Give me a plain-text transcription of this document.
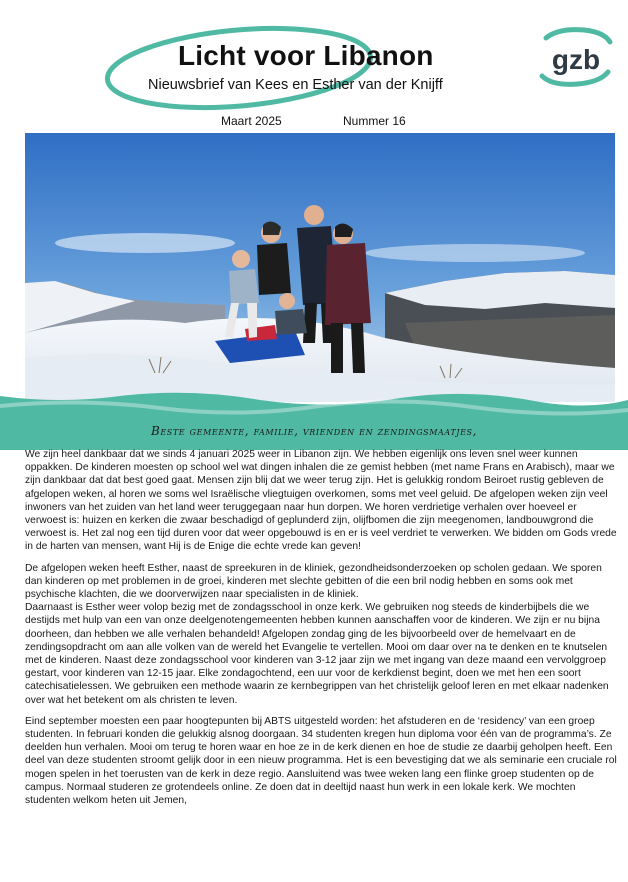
Licht voor Libanon
Nieuwsbrief van Kees en Esther van der Knijff
gzb
Maart 2025	Nummer 16
Beste gemeente, familie, vrienden en zendingsmaatjes,

We zijn heel dankbaar dat we sinds 4 januari 2025 weer in Libanon zijn. We hebben eigenlijk ons leven snel weer kunnen oppakken. De kinderen moesten op school wel wat dingen inhalen die ze gemist hebben (met name Frans en Arabisch), maar we zijn dankbaar dat dat best goed gaat. Mensen zijn blij dat we weer terug zijn. Het is gelukkig rondom Beiroet rustig gebleven de afgelopen weken, al horen we soms wel Israëlische vliegtuigen overkomen, soms met veel geluid. De afgelopen weken zijn veel inwoners van het zuiden van het land weer teruggegaan naar hun dorpen. We horen verdrietige verhalen over hoeveel er verwoest is: huizen en kerken die zwaar beschadigd of geplunderd zijn, olijfbomen die zijn meegenomen, landbouwgrond die verwoest is. Het zal nog een tijd duren voor dat weer opgebouwd is en er is veel verdriet te verwerken. We bidden om Gods vrede in de harten van mensen, want Hij is de Enige die echte vrede kan geven!

De afgelopen weken heeft Esther, naast de spreekuren in de kliniek, gezondheidsonderzoeken op scholen gedaan. We sporen dan kinderen op met problemen in de groei, kinderen met slechte gebitten of die een bril nodig hebben en soms ook met psychische klachten, die we doorverwijzen naar specialisten in de kliniek.

Daarnaast is Esther weer volop bezig met de zondagsschool in onze kerk. We gebruiken nog steeds de kinderbijbels die we destijds met hulp van een van onze deelgenotengemeenten hebben kunnen aanschaffen voor de kinderen. We zijn er nu bijna doorheen, dan hebben we alle verhalen behandeld! Afgelopen zondag ging de les bijvoorbeeld over de hemelvaart en de zendingsopdracht om aan alle volken van de wereld het Evangelie te vertellen. Mooi om daar over na te denken en te knutselen met de kinderen. Naast deze zondagsschool voor kinderen van 3-12 jaar zijn we met ingang van deze maand een vervolggroep gestart, voor kinderen van 12-15 jaar. Elke zondagochtend, een uur voor de kerkdienst begint, doen we met hen een soort catechisatielessen. We gebruiken een methode waarin ze kernbegrippen van het christelijk geloof leren en met elkaar nadenken over wat het betekent om als christen te leven.

Eind september moesten een paar hoogtepunten bij ABTS uitgesteld worden: het afstuderen en de ‘residency’ van een groep studenten. In februari konden die gelukkig alsnog doorgaan. 34 studenten kregen hun diploma voor één van de programma’s. Ze deelden hun verhalen. Mooi om terug te horen waar en hoe ze in de kerk dienen en hoe de studie ze daarbij geholpen heeft. Een deel van deze studenten stroomt gelijk door in een nieuw programma. Het is een bevestiging dat we als seminarie een cruciale rol mogen spelen in het toerusten van de kerk in deze regio. Aansluitend was twee weken lang een flinke groep studenten op de campus. Normaal studeren ze grotendeels online. Ze doen dat in deeltijd naast hun werk in een lokale kerk. We mochten studenten welkom heten uit Jemen,
